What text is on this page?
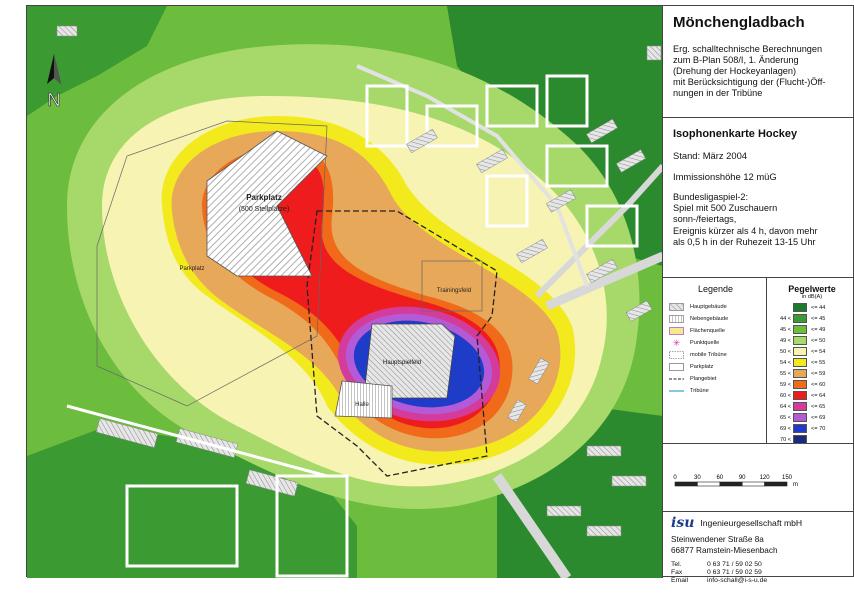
Parkplatz
(500 Stellplätze)
Parkplatz
Trainingsfeld
Hauptspielfeld
Halle
N
Mönchengladbach
Erg. schalltechnische Berechnungen
zum B-Plan 508/I, 1. Änderung
(Drehung der Hockeyanlagen)
mit Berücksichtigung der (Flucht-)Öff-
nungen in der Tribüne
Isophonenkarte Hockey
Stand: März 2004
Immissionshöhe 12 müG
Bundesligaspiel-2:
Spiel mit 500 Zuschauern
sonn-/feiertags,
Ereignis kürzer als 4 h, davon mehr
als 0,5 h in der Ruhezeit 13-15 Uhr
Legende
Hauptgebäude
Nebengebäude
Flächenquelle
✳ Punktquelle
mobile Tribüne
Parkplatz
Plangebiet
Tribüne
Pegelwerte
in dB(A)
<= 44
44 <	<= 45
45 <	<= 49
49 <	<= 50
50 <	<= 54
54 <	<= 55
55 <	<= 59
59 <	<= 60
60 <	<= 64
64 <	<= 65
65 <	<= 69
69 <	<= 70
70 <
0	30	60	90 120 150
m
isu Ingenieurgesellschaft mbH
Steinwendener Straße 8a
66877 Ramstein-Miesenbach
Tel.	0 63 71 / 59 02 50
Fax	0 63 71 / 59 02 59
Email	info-schall@i-s-u.de
